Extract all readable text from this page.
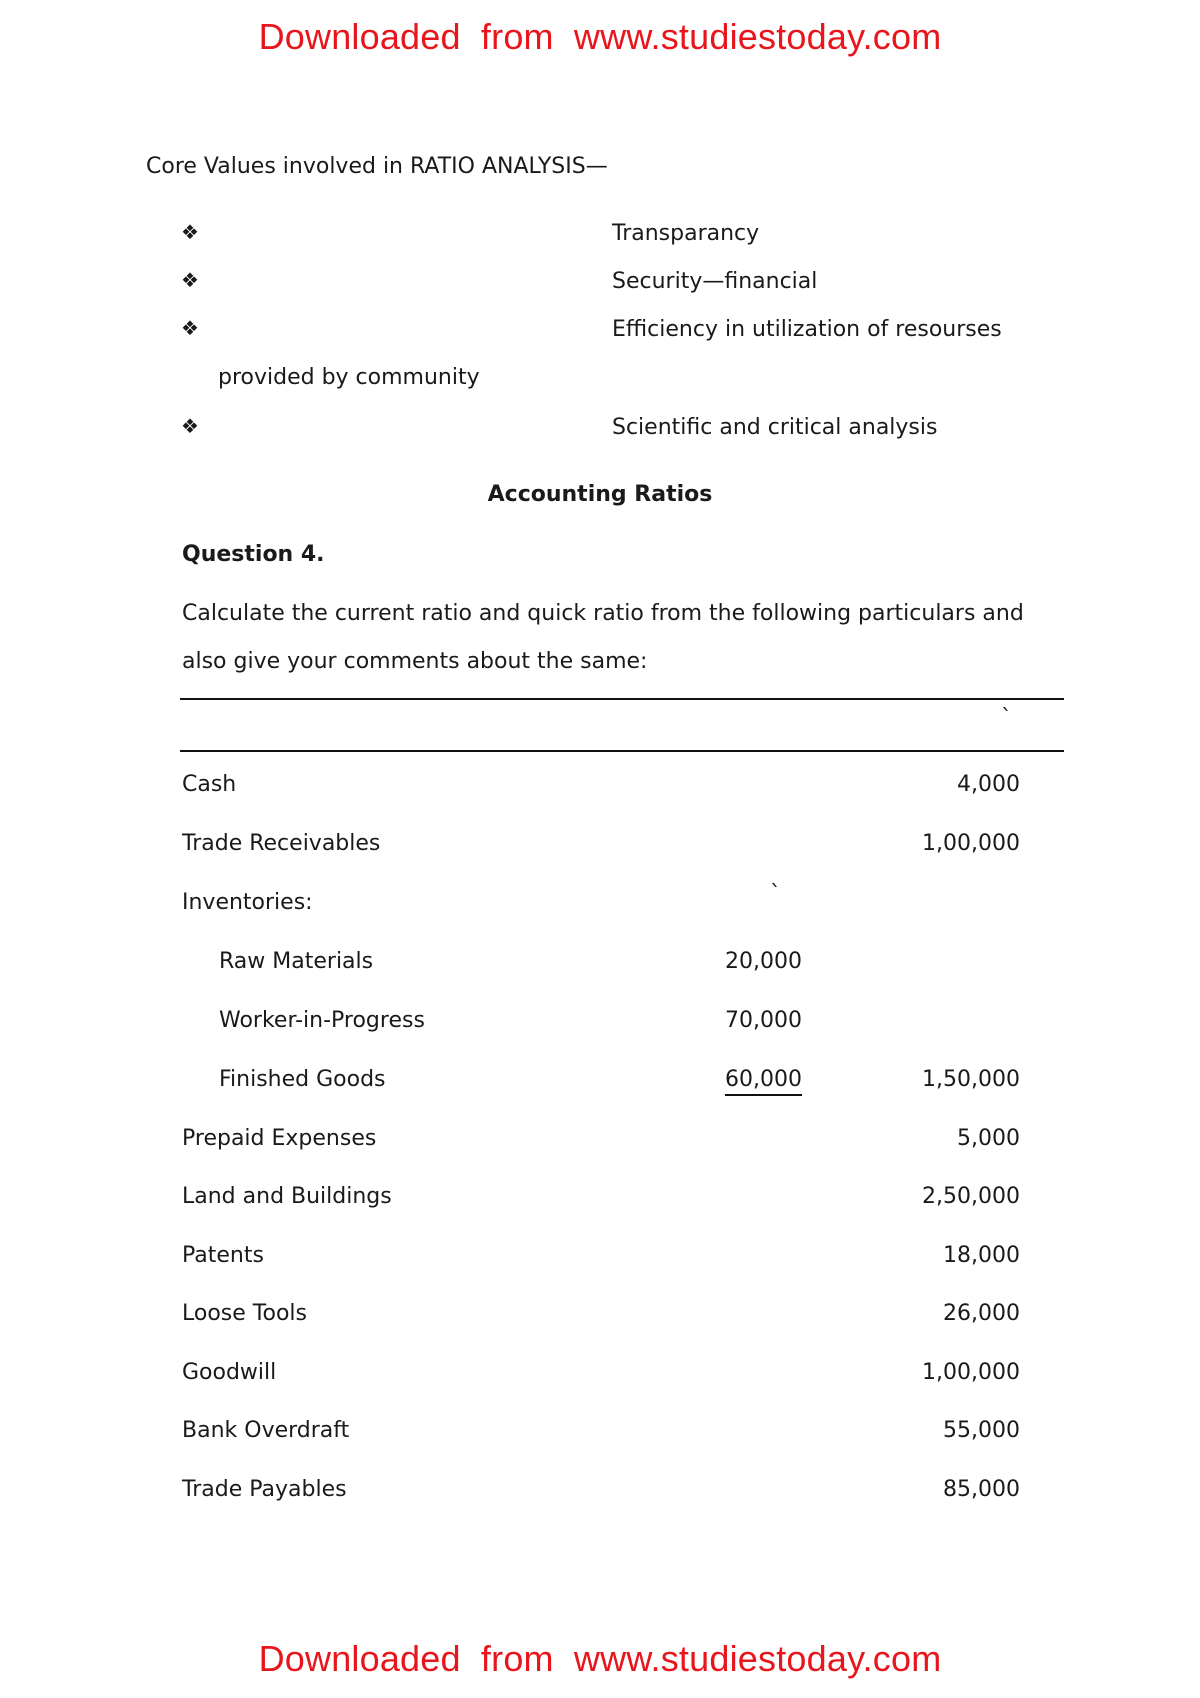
Downloaded from www.studiestoday.com
Core Values involved in RATIO ANALYSIS—
❖	Transparancy
❖	Security—financial
❖	Efficiency in utilization of resourses
provided by community
❖	Scientific and critical analysis
Accounting Ratios
Question 4.
Calculate the current ratio and quick ratio from the following particulars and
also give your comments about the same:
`
Cash	4,000
Trade Receivables	1,00,000
Inventories:	`
Raw Materials	20,000
Worker-in-Progress	70,000
Finished Goods	60,000	1,50,000
Prepaid Expenses	5,000
Land and Buildings	2,50,000
Patents	18,000
Loose Tools	26,000
Goodwill	1,00,000
Bank Overdraft	55,000
Trade Payables	85,000
Downloaded from www.studiestoday.com
